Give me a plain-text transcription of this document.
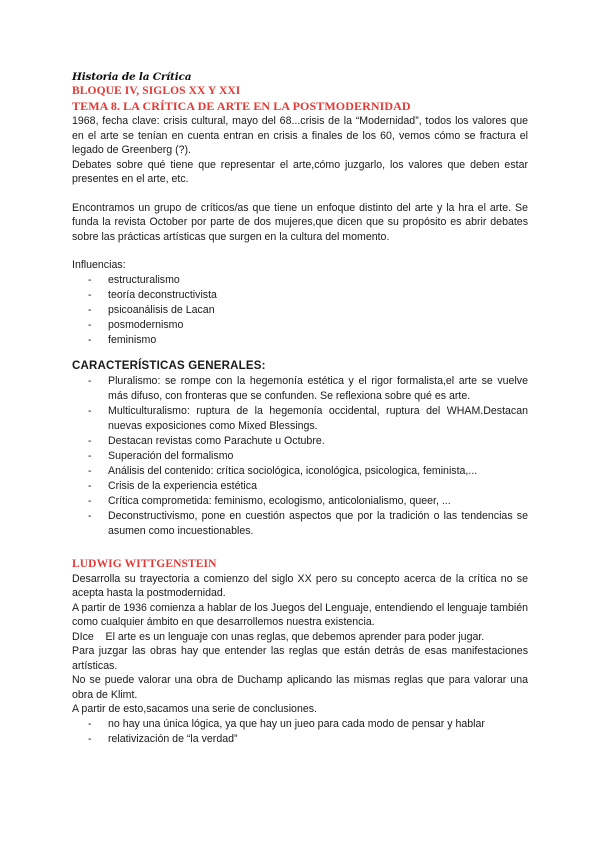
Historia de la Crítica
BLOQUE IV, SIGLOS XX Y XXI
TEMA 8. LA CRÍTICA DE ARTE EN LA POSTMODERNIDAD

1968, fecha clave: crisis cultural, mayo del 68...crisis de la “Modernidad”, todos los valores que en el arte se tenían en cuenta entran en crisis a finales de los 60, vemos cómo se fractura el legado de Greenberg (?).

Debates sobre qué tiene que representar el arte,cómo juzgarlo, los valores que deben estar presentes en el arte, etc.

Encontramos un grupo de críticos/as que tiene un enfoque distinto del arte y la hra el arte. Se funda la revista October por parte de dos mujeres,que dicen que su propósito es abrir debates sobre las prácticas artísticas que surgen en la cultura del momento.

Influencias:

- estructuralismo
- teoría deconstructivista
- psicoanálisis de Lacan
- posmodernismo
- feminismo
CARACTERÍSTICAS GENERALES:
- Pluralismo: se rompe con la hegemonía estética y el rigor formalista,el arte se vuelve más difuso, con fronteras que se confunden. Se reflexiona sobre qué es arte.
- Multiculturalismo: ruptura de la hegemonía occidental, ruptura del WHAM.Destacan nuevas exposiciones como Mixed Blessings.
- Destacan revistas como Parachute u Octubre.
- Superación del formalismo
- Análisis del contenido: crítica sociológica, iconológica, psicologica, feminista,...
- Crisis de la experiencia estética
- Crítica comprometida: feminismo, ecologismo, anticolonialismo, queer, ...
- Deconstructivismo, pone en cuestión aspectos que por la tradición o las tendencias se asumen como incuestionables.
LUDWIG WITTGENSTEIN

Desarrolla su trayectoria a comienzo del siglo XX pero su concepto acerca de la crítica no se acepta hasta la postmodernidad.

A partir de 1936 comienza a hablar de los Juegos del Lenguaje, entendiendo el lenguaje también como cualquier ámbito en que desarrollemos nuestra existencia.

DIce    El arte es un lenguaje con unas reglas, que debemos aprender para poder jugar.

Para juzgar las obras hay que entender las reglas que están detrás de esas manifestaciones artísticas.

No se puede valorar una obra de Duchamp aplicando las mismas reglas que para valorar una obra de Klimt.

A partir de esto,sacamos una serie de conclusiones.

- no hay una única lógica, ya que hay un jueo para cada modo de pensar y hablar
- relativización de “la verdad”
